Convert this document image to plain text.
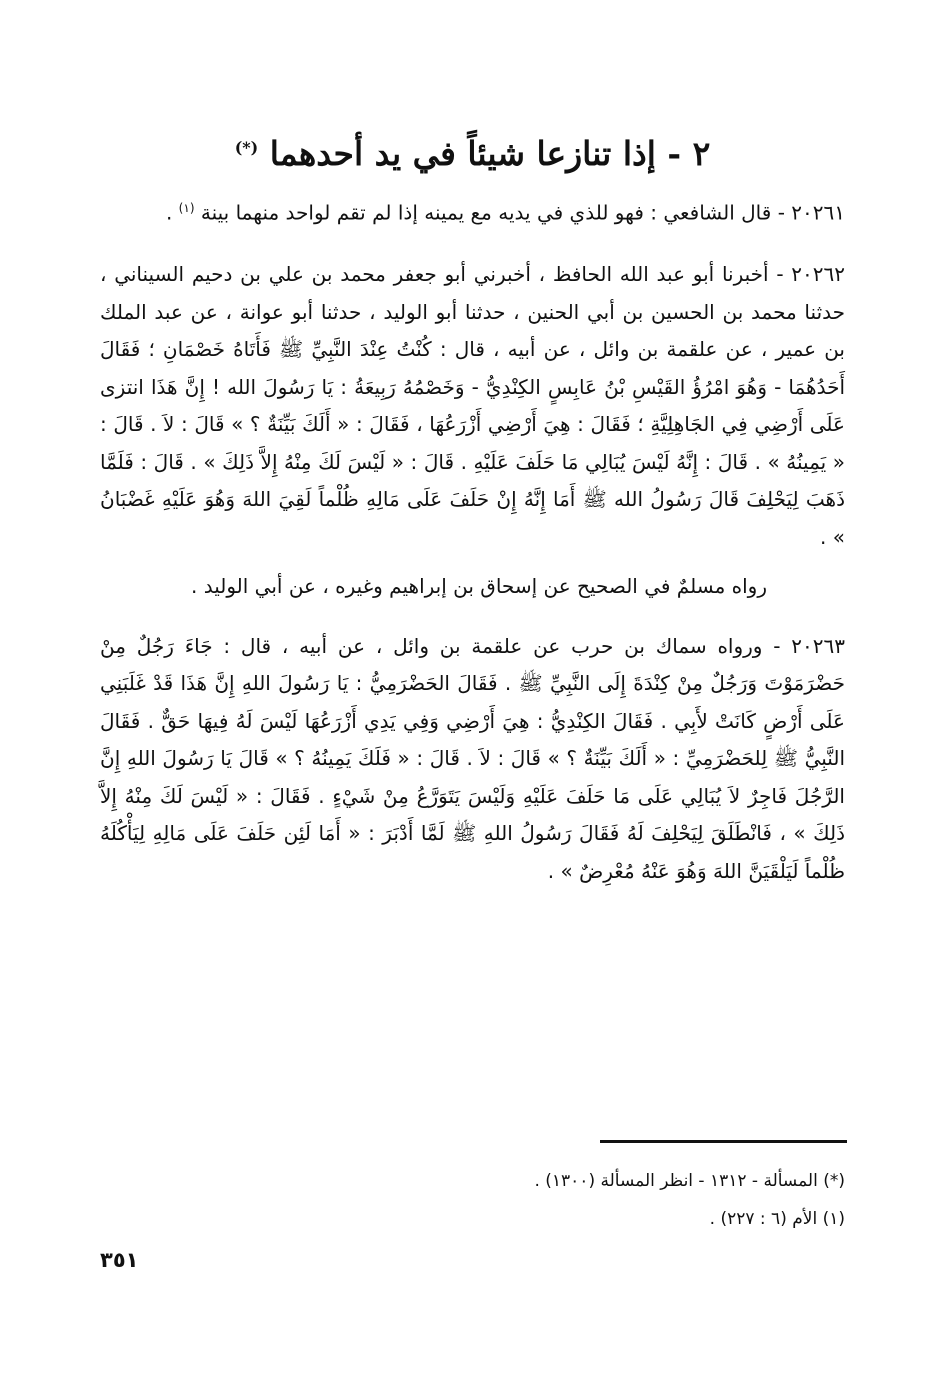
٢ - إذا تنازعا شيئاً في يد أحدهما (*)

٢٠٢٦١ - قال الشافعي : فهو للذي في يديه مع يمينه إذا لم تقم لواحد منهما بينة $^{(١)}$ .

٢٠٢٦٢ - أخبرنا أبو عبد الله الحافظ ، أخبرني أبو جعفر محمد بن علي بن دحيم السيناني ، حدثنا محمد بن الحسين بن أبي الحنين ، حدثنا أبو الوليد ، حدثنا أبو عوانة ، عن عبد الملك بن عمير ، عن علقمة بن وائل ، عن أبيه ، قال : كُنْتُ عِنْدَ النَّبِيِّ ﷺ فَأَتَاهُ خَصْمَانِ ؛ فَقَالَ أَحَدُهُمَا - وَهُوَ امْرُؤُ القَيْسِ بْنُ عَابِسٍ الكِنْدِيُّ - وَخَصْمُهُ رَبِيعَةُ : يَا رَسُولَ الله ! إِنَّ هَذَا انتزى عَلَى أَرْضِي فِي الجَاهِلِيَّةِ ؛ فَقَالَ : هِيَ أَرْضِي أَزْرَعُهَا ، فَقَالَ : « أَلَكَ بَيِّنَةٌ ؟ » قَالَ : لاَ . قَالَ : « يَمِينُهُ » . قَالَ : إِنَّهُ لَيْسَ يُبَالِي مَا حَلَفَ عَلَيْهِ . قَالَ : « لَيْسَ لَكَ مِنْهُ إِلاَّ ذَلِكَ » . قَالَ : فَلَمَّا ذَهَبَ لِيَحْلِفَ قَالَ رَسُولُ الله ﷺ أَمَا إِنَّهُ إِنْ حَلَفَ عَلَى مَالِهِ ظُلْماً لَقِيَ اللهَ وَهُوَ عَلَيْهِ غَضْبَانُ » .

رواه مسلمٌ في الصحيح عن إسحاق بن إبراهيم وغيره ، عن أبي الوليد .

٢٠٢٦٣ - ورواه سماك بن حرب عن علقمة بن وائل ، عن أبيه ، قال : جَاءَ رَجُلٌ مِنْ حَضْرَمَوْتَ وَرَجُلٌ مِنْ كِنْدَةَ إِلَى النَّبِيِّ ﷺ . فَقَالَ الحَضْرَمِيُّ : يَا رَسُولَ اللهِ إِنَّ هَذَا قَدْ غَلَبَنِي عَلَى أَرْضٍ كَانَتْ لأَبِي . فَقَالَ الكِنْدِيُّ : هِيَ أَرْضِي وَفِي يَدِي أَزْرَعُهَا لَيْسَ لَهُ فِيهَا حَقٌّ . فَقَالَ النَّبِيُّ ﷺ لِلحَضْرَمِيِّ : « أَلَكَ بَيِّنَةٌ ؟ » قَالَ : لاَ . قَالَ : « فَلَكَ يَمِينُهُ ؟ » قَالَ يَا رَسُولَ اللهِ إِنَّ الرَّجُلَ فَاجِرٌ لاَ يُبَالِي عَلَى مَا حَلَفَ عَلَيْهِ وَلَيْسَ يَتَوَرَّعُ مِنْ شَيْءٍ . فَقَالَ : « لَيْسَ لَكَ مِنْهُ إِلاَّ ذَلِكَ » ، فَانْطَلَقَ لِيَحْلِفَ لَهُ فَقَالَ رَسُولُ اللهِ ﷺ لَمَّا أَدْبَرَ : « أَمَا لَئِن حَلَفَ عَلَى مَالِهِ لِيَأْكُلَهُ ظُلْماً لَيَلْقَيَنَّ اللهَ وَهُوَ عَنْهُ مُعْرِضٌ » .

(*) المسألة - ١٣١٢ - انظر المسألة (١٣٠٠) .

(١) الأم (٦ : ٢٢٧) .

٣٥١
